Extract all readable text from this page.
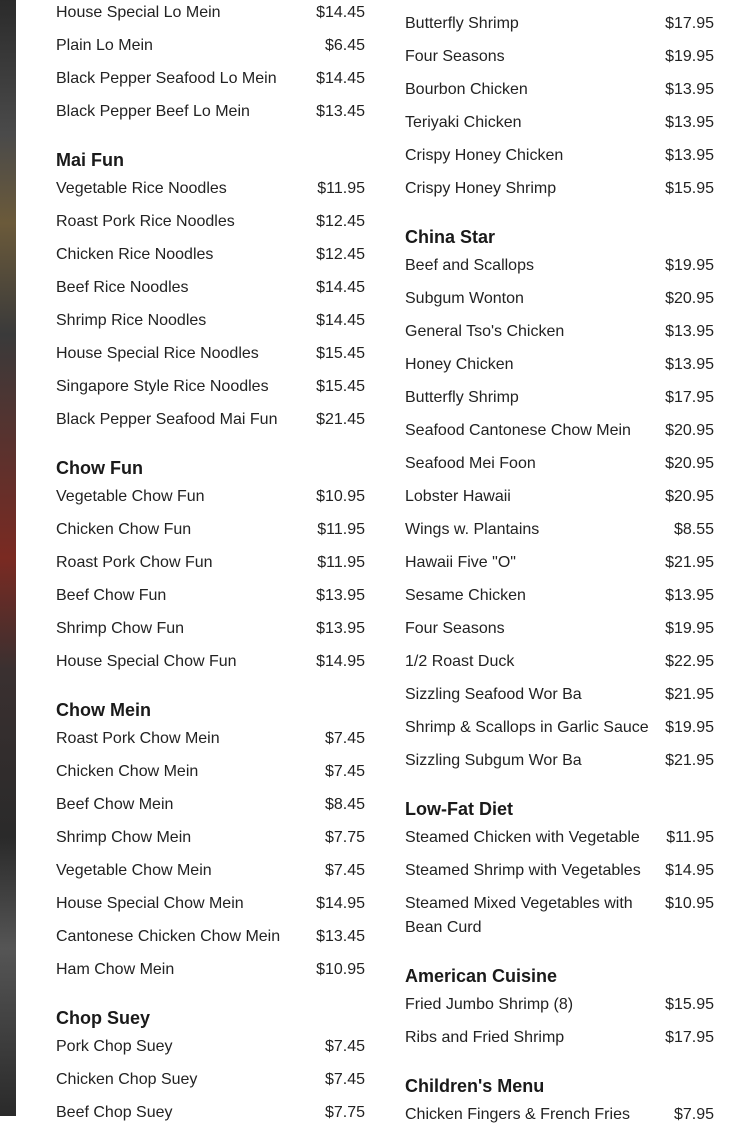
House Special Lo Mein	$14.45
Plain Lo Mein	$6.45
Black Pepper Seafood Lo Mein	$14.45
Black Pepper Beef Lo Mein	$13.45
Mai Fun
Vegetable Rice Noodles	$11.95
Roast Pork Rice Noodles	$12.45
Chicken Rice Noodles	$12.45
Beef Rice Noodles	$14.45
Shrimp Rice Noodles	$14.45
House Special Rice Noodles	$15.45
Singapore Style Rice Noodles	$15.45
Black Pepper Seafood Mai Fun	$21.45
Chow Fun
Vegetable Chow Fun	$10.95
Chicken Chow Fun	$11.95
Roast Pork Chow Fun	$11.95
Beef Chow Fun	$13.95
Shrimp Chow Fun	$13.95
House Special Chow Fun	$14.95
Chow Mein
Roast Pork Chow Mein	$7.45
Chicken Chow Mein	$7.45
Beef Chow Mein	$8.45
Shrimp Chow Mein	$7.75
Vegetable Chow Mein	$7.45
House Special Chow Mein	$14.95
Cantonese Chicken Chow Mein	$13.45
Ham Chow Mein	$10.95
Chop Suey
Pork Chop Suey	$7.45
Chicken Chop Suey	$7.45
Beef Chop Suey	$7.75
Butterfly Shrimp	$17.95
Four Seasons	$19.95
Bourbon Chicken	$13.95
Teriyaki Chicken	$13.95
Crispy Honey Chicken	$13.95
Crispy Honey Shrimp	$15.95
China Star
Beef and Scallops	$19.95
Subgum Wonton	$20.95
General Tso's Chicken	$13.95
Honey Chicken	$13.95
Butterfly Shrimp	$17.95
Seafood Cantonese Chow Mein	$20.95
Seafood Mei Foon	$20.95
Lobster Hawaii	$20.95
Wings w. Plantains	$8.55
Hawaii Five "O"	$21.95
Sesame Chicken	$13.95
Four Seasons	$19.95
1/2 Roast Duck	$22.95
Sizzling Seafood Wor Ba	$21.95
Shrimp & Scallops in Garlic Sauce	$19.95
Sizzling Subgum Wor Ba	$21.95
Low-Fat Diet
Steamed Chicken with Vegetable	$11.95
Steamed Shrimp with Vegetables	$14.95
Steamed Mixed Vegetables with Bean Curd
$10.95
American Cuisine
Fried Jumbo Shrimp (8)	$15.95
Ribs and Fried Shrimp	$17.95
Children's Menu
Chicken Fingers & French Fries	$7.95
